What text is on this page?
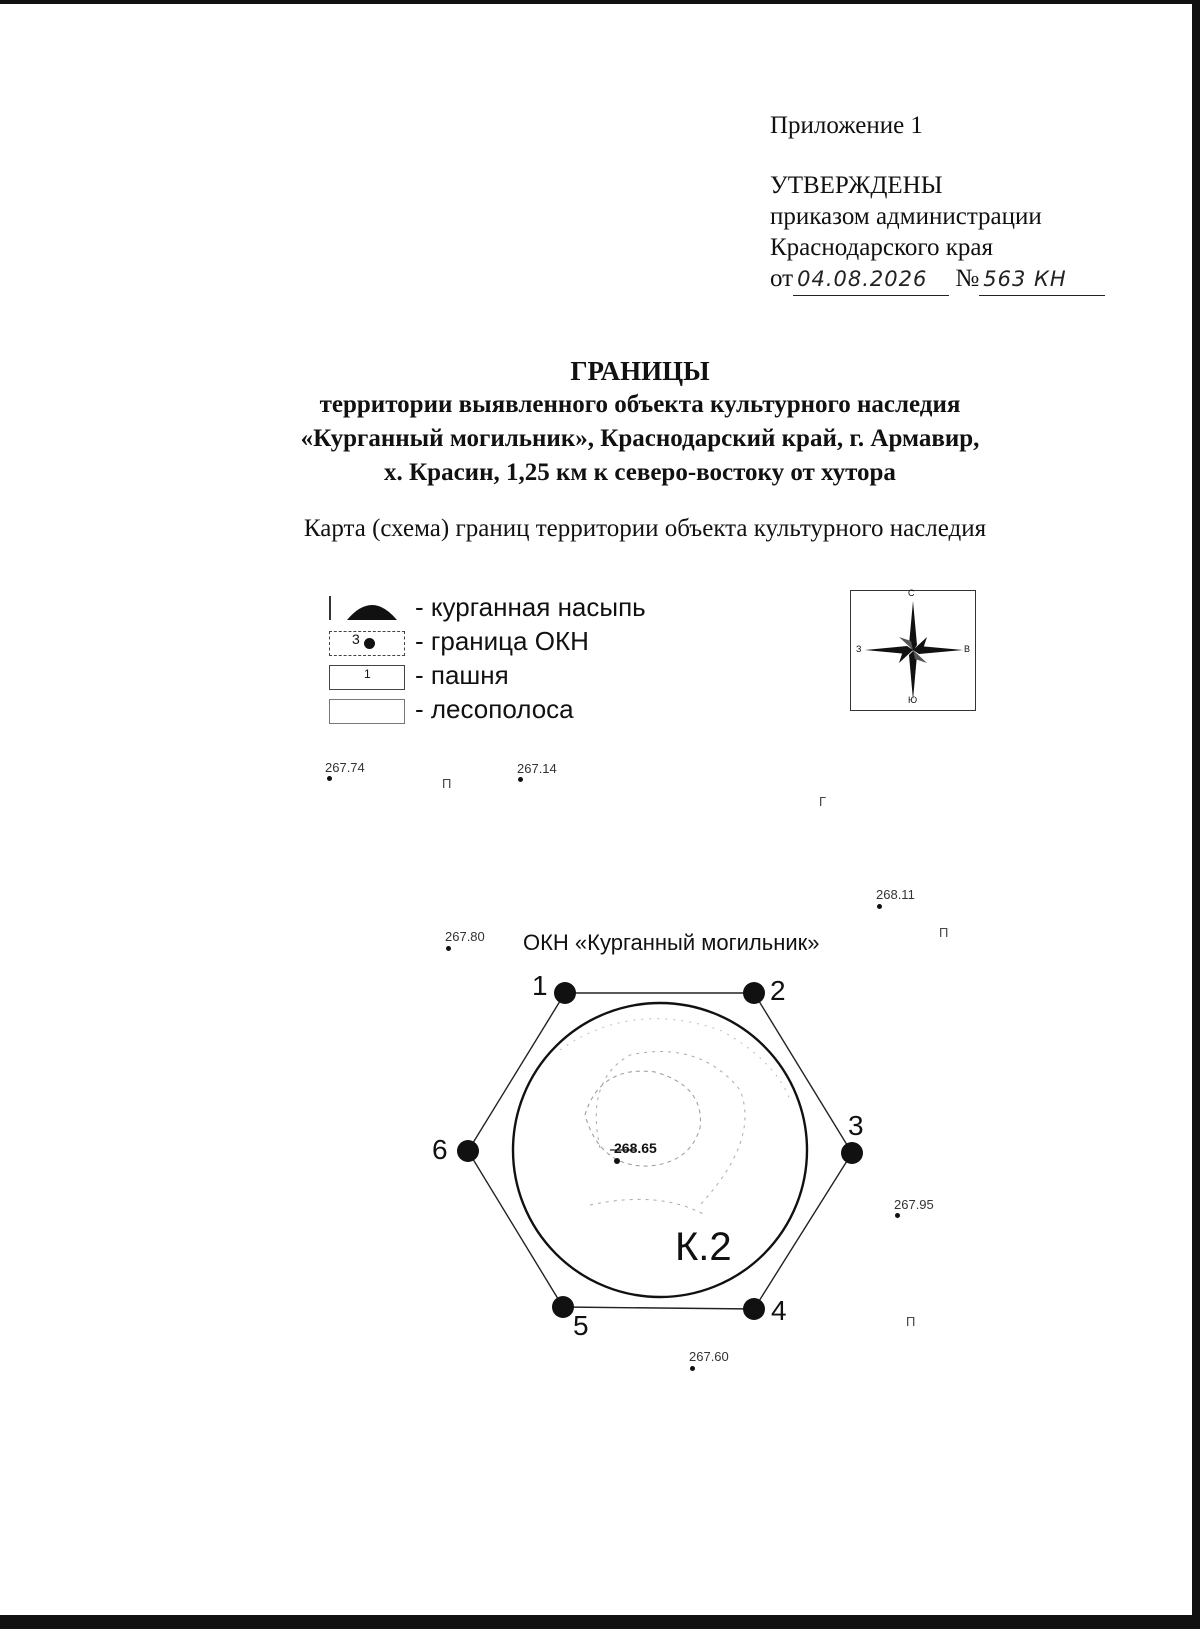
Приложение 1
УТВЕРЖДЕНЫ
приказом администрации
Краснодарского края
от 04.08.2026 № 563 КН
ГРАНИЦЫ
территории выявленного объекта культурного наследия
«Курганный могильник», Краснодарский край, г. Армавир,
х. Красин, 1,25 км к северо-востоку от хутора
Карта (схема) границ территории объекта культурного наследия
- курганная насыпь
3 - граница ОКН
1 - пашня
- лесополоса
С
Ю
З	В
267.74	267.14
268.11
267.80
267.95
267.60
П
Г
П
П
ОКН «Курганный могильник»
1	2
3
4
5
6	268.65
К.2
